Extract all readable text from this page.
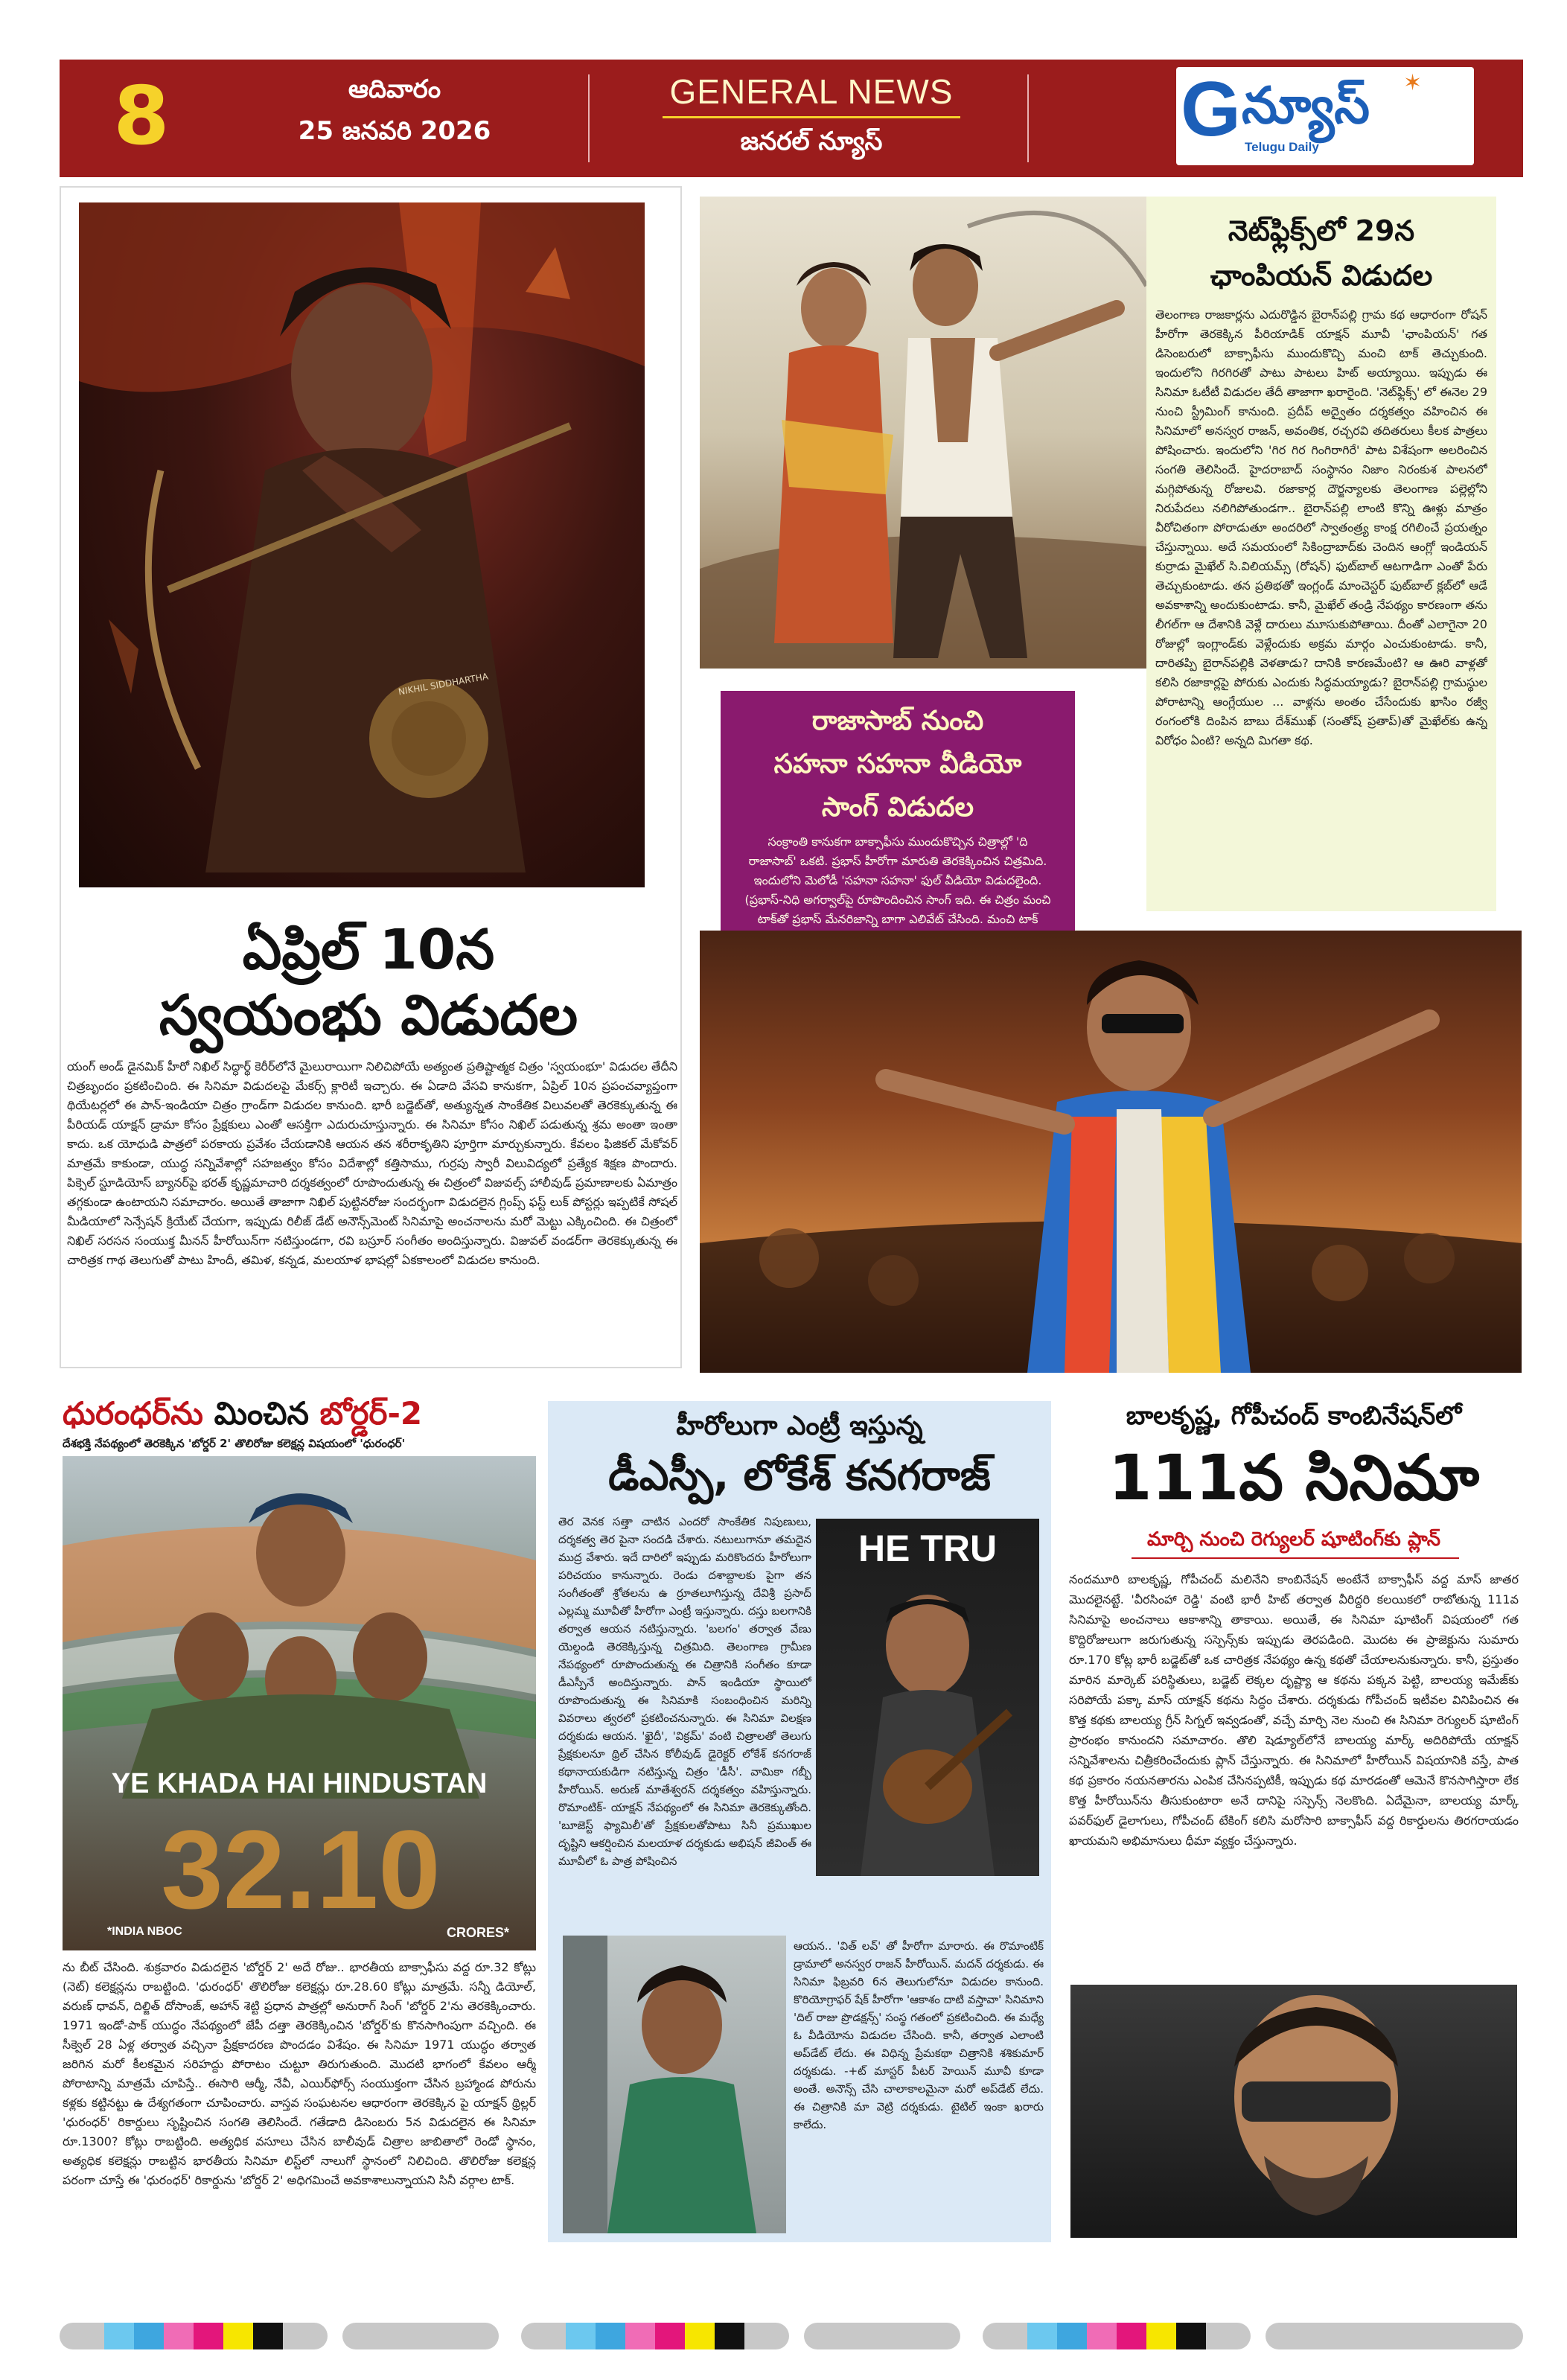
8	ఆదివారం
25 జనవరి 2026
GENERAL NEWS
జనరల్ న్యూస్	G న్యూస్
Telugu Daily
✶
NIKHIL SIDDHARTHA
ఏప్రిల్ 10న
స్వయంభు విడుదల
యంగ్ అండ్ డైనమిక్ హీరో నిఖిల్ సిద్ధార్థ్ కెరీర్‌లోనే మైలురాయిగా నిలిచిపోయే అత్యంత ప్రతిష్టాత్మక చిత్రం 'స్వయంభూ' విడుదల తేదీని చిత్రబృందం ప్రకటించింది. ఈ సినిమా విడుదలపై మేకర్స్ క్లారిటీ ఇచ్చారు. ఈ ఏడాది వేసవి కానుకగా, ఏప్రిల్ 10న ప్రపంచవ్యాప్తంగా థియేటర్లలో ఈ పాన్-ఇండియా చిత్రం గ్రాండ్‌గా విడుదల కానుంది. భారీ బడ్జెట్‌తో, అత్యున్నత సాంకేతిక విలువలతో తెరకెక్కుతున్న ఈ పీరియడ్ యాక్షన్ డ్రామా కోసం ప్రేక్షకులు ఎంతో ఆసక్తిగా ఎదురుచూస్తున్నారు. ఈ సినిమా కోసం నిఖిల్ పడుతున్న శ్రమ అంతా ఇంతా కాదు. ఒక యోధుడి పాత్రలో పరకాయ ప్రవేశం చేయడానికి ఆయన తన శరీరాకృతిని పూర్తిగా మార్చుకున్నారు. కేవలం ఫిజికల్ మేకోవర్ మాత్రమే కాకుండా, యుద్ధ సన్నివేశాల్లో సహజత్వం కోసం విదేశాల్లో కత్తిసాము, గుర్రపు స్వారీ విలువిద్యలో ప్రత్యేక శిక్షణ పొందారు. పిక్సెల్ స్టూడియోస్ బ్యానర్‌పై భరత్ కృష్ణమాచారి దర్శకత్వంలో రూపొందుతున్న ఈ చిత్రంలో విజువల్స్ హాలీవుడ్ ప్రమాణాలకు ఏమాత్రం తగ్గకుండా ఉంటాయని సమాచారం. అయితే తాజాగా నిఖిల్ పుట్టినరోజు సందర్భంగా విడుదలైన గ్లింప్స్ ఫస్ట్ లుక్ పోస్టర్లు ఇప్పటికే సోషల్ మీడియాలో సెన్సేషన్ క్రియేట్ చేయగా, ఇప్పుడు రిలీజ్ డేట్ అనౌన్స్‌మెంట్ సినిమాపై అంచనాలను మరో మెట్టు ఎక్కించింది. ఈ చిత్రంలో నిఖిల్ సరసన సంయుక్త మీనన్ హీరోయిన్‌గా నటిస్తుండగా, రవి బస్రూర్ సంగీతం అందిస్తున్నారు. విజువల్ వండర్‌గా తెరకెక్కుతున్న ఈ చారిత్రక గాథ తెలుగుతో పాటు హిందీ, తమిళ, కన్నడ, మలయాళ భాషల్లో ఏకకాలంలో విడుదల కానుంది.
నెట్‌ఫ్లిక్స్‌లో 29న
ఛాంపియన్ విడుదల
తెలంగాణ రాజకార్లను ఎదురొడ్డిన బైరాన్‌పల్లి గ్రామ కథ ఆధారంగా రోషన్ హీరోగా తెరకెక్కిన పీరియాడిక్ యాక్షన్ మూవీ 'ఛాంపియన్' గత డిసెంబరులో బాక్సాఫీసు ముందుకొచ్చి మంచి టాక్ తెచ్చుకుంది. ఇందులోని గిరగిరతో పాటు పాటలు హిట్ అయ్యాయి. ఇప్పుడు ఈ సినిమా ఓటీటీ విడుదల తేదీ తాజాగా ఖరారైంది. 'నెట్‌ఫ్లిక్స్' లో ఈనెల 29 నుంచి స్ట్రీమింగ్ కానుంది. ప్రదీప్ అద్వైతం దర్శకత్వం వహించిన ఈ సినిమాలో అనస్వర రాజన్, అవంతిక, రచ్చరవి తదితరులు కీలక పాత్రలు పోషించారు. ఇందులోని 'గిర గిర గింగిరాగిరే' పాట విశేషంగా అలరించిన సంగతి తెలిసిందే. హైదరాబాద్ సంస్థానం నిజాం నిరంకుశ పాలనలో మగ్గిపోతున్న రోజులవి. రజాకార్ల దౌర్జన్యాలకు తెలంగాణ పల్లెల్లోని నిరుపేదలు నలిగిపోతుండగా.. బైరాన్‌పల్లి లాంటి కొన్ని ఊళ్లు మాత్రం వీరోచితంగా పోరాడుతూ అందరిలో స్వాతంత్ర్య కాంక్ష రగిలించే ప్రయత్నం చేస్తున్నాయి. అదే సమయంలో సికింద్రాబాద్‌కు చెందిన ఆంగ్లో ఇండియన్ కుర్రాడు మైఖేల్ సి.విలియమ్స్ (రోషన్) ఫుట్‌బాల్ ఆటగాడిగా ఎంతో పేరు తెచ్చుకుంటాడు. తన ప్రతిభతో ఇంగ్లండ్ మాంచెస్టర్ ఫుట్‌బాల్ క్లబ్‌లో ఆడే అవకాశాన్ని అందుకుంటాడు. కానీ, మైఖేల్ తండ్రి నేపథ్యం కారణంగా తను లీగల్‌గా ఆ దేశానికి వెళ్లే దారులు మూసుకుపోతాయి. దీంతో ఎలాగైనా 20 రోజుల్లో ఇంగ్లాండ్‌కు వెళ్లేందుకు అక్రమ మార్గం ఎంచుకుంటాడు. కానీ, దారితప్పి బైరాన్‌పల్లికి వెళతాడు? దానికి కారణమేంటి? ఆ ఊరి వాళ్లతో కలిసి రజాకార్లపై పోరుకు ఎందుకు సిద్ధమయ్యాడు? బైరాన్‌పల్లి గ్రామస్థుల పోరాటాన్ని ఆంగ్లేయుల ... వాళ్లను అంతం చేసేందుకు ఖాసిం రజ్వీ రంగంలోకి దింపిన బాబు దేశ్‌ముఖ్ (సంతోష్ ప్రతాప్)తో మైఖేల్‌కు ఉన్న విరోధం ఏంటి? అన్నది మిగతా కథ.
రాజాసాబ్ నుంచి
సహనా సహనా వీడియో
సాంగ్ విడుదల
సంక్రాంతి కానుకగా బాక్సాఫీసు ముందుకొచ్చిన చిత్రాల్లో 'ది రాజాసాబ్' ఒకటి. ప్రభాస్ హీరోగా మారుతి తెరకెక్కించిన చిత్రమిది. ఇందులోని మెలోడీ 'సహనా సహనా' ఫుల్ వీడియో విడుదలైంది. (ప్రభాస్-నిధి అగర్వాల్‌పై రూపొందించిన సాంగ్ ఇది. ఈ చిత్రం మంచి టాక్‌తో ప్రభాస్ మేనరిజాన్ని బాగా ఎలివేట్ చేసింది. మంచి టాక్
ధురంధర్‌ను మించిన బోర్డర్-2
దేశభక్తి నేపథ్యంలో తెరకెక్కిన 'బోర్డర్ 2' తొలిరోజు కలెక్షన్ల విషయంలో 'ధురంధర్'
YE KHADA HAI HINDUSTAN
32.10
*INDIA NBOC	CRORES*
ను బీట్ చేసింది. శుక్రవారం విడుదలైన 'బోర్డర్ 2' అదే రోజు.. భారతీయ బాక్సాఫీసు వద్ద రూ.32 కోట్లు (నెట్) కలెక్షన్లను రాబట్టింది. 'ధురంధర్' తొలిరోజు కలెక్షన్లు రూ.28.60 కోట్లు మాత్రమే. సన్నీ డియోల్, వరుణ్ ధావన్, దిల్జిత్ దోసాంజ్, అహాన్ శెట్టి ప్రధాన పాత్రల్లో అనురాగ్ సింగ్ 'బోర్డర్ 2'ను తెరకెక్కించారు. 1971 ఇండో-పాక్ యుద్ధం నేపథ్యంలో జేపీ దత్తా తెరకెక్కించిన 'బోర్డర్'కు కొనసాగింపుగా వచ్చింది. ఈ సీక్వెల్ 28 ఏళ్ల తర్వాత వచ్చినా ప్రేక్షకాదరణ పొందడం విశేషం. ఈ సినిమా 1971 యుద్ధం తర్వాత జరిగిన మరో కీలకమైన సరిహద్దు పోరాటం చుట్టూ తిరుగుతుంది. మొదటి భాగంలో కేవలం ఆర్మీ పోరాటాన్ని మాత్రమే చూపిస్తే.. ఈసారి ఆర్మీ, నేవీ, ఎయిర్‌ఫోర్స్ సంయుక్తంగా చేసిన బ్రహ్మాండ పోరును కళ్లకు కట్టినట్టు ఉ దేశ్యగతంగా చూపించారు. వాస్తవ సంఘటనల ఆధారంగా తెరకెక్కిన పై యాక్షన్ థ్రిల్లర్ 'ధురంధర్' రికార్డులు సృష్టించిన సంగతి తెలిసిందే. గతేడాది డిసెంబరు 5న విడుదలైన ఈ సినిమా రూ.1300? కోట్లు రాబట్టింది. అత్యధిక వసూలు చేసిన బాలీవుడ్ చిత్రాల జాబితాలో రెండో స్థానం, అత్యధిక కలెక్షన్లు రాబట్టిన భారతీయ సినిమా లిస్ట్‌లో నాలుగో స్థానంలో నిలిచింది. తొలిరోజు కలెక్షన్ల పరంగా చూస్తే ఈ 'ధురంధర్' రికార్డును 'బోర్డర్ 2' అధిగమించే అవకాశాలున్నాయని సినీ వర్గాల టాక్.
హీరోలుగా ఎంట్రీ ఇస్తున్న
డీఎస్పీ, లోకేశ్ కనగరాజ్
HE TRU
తెర వెనక సత్తా చాటిన ఎందరో సాంకేతిక నిపుణులు, దర్శకత్వ తెర పైనా సందడి చేశారు. నటులుగానూ తమదైన ముద్ర వేశారు. ఇదే దారిలో ఇప్పుడు మరికొందరు హీరోలుగా పరిచయం కానున్నారు. రెండు దశాబ్దాలకు పైగా తన సంగీతంతో శ్రోతలను ఉ ర్రూతలూగిస్తున్న దేవిశ్రీ ప్రసాద్ ఎల్లమ్మ మూవీతో హీరోగా ఎంట్రీ ఇస్తున్నారు. దస్తు బలగానికి తర్వాత ఆయన నటిస్తున్నారు. 'బలగం' తర్వాత వేణు యెల్దండి తెరకెక్కిస్తున్న చిత్రమిది. తెలంగాణ గ్రామీణ నేపథ్యంలో రూపొందుతున్న ఈ చిత్రానికి సంగీతం కూడా డీఎస్పీనే అందిస్తున్నారు. పాన్ ఇండియా స్థాయిలో రూపొందుతున్న ఈ సినిమాకి సంబంధించిన మరిన్ని వివరాలు త్వరలో ప్రకటించనున్నారు. ఈ సినిమా విలక్షణ దర్శకుడు ఆయన. 'ఖైదీ', 'విక్రమ్' వంటి చిత్రాలతో తెలుగు ప్రేక్షకులనూ థ్రిల్ చేసిన కోలీవుడ్ డైరెక్టర్ లోకేశ్ కనగరాజ్ కథానాయకుడిగా నటిస్తున్న చిత్రం 'డీసీ'. వామికా గబ్బీ హీరోయిన్. అరుణ్ మాతేశ్వరన్ దర్శకత్వం వహిస్తున్నారు. రొమాంటిక్- యాక్షన్ నేపథ్యంలో ఈ సినిమా తెరకెక్కుతోంది. 'బూజెస్ట్ ఫ్యామిలీ'తో ప్రేక్షకులతోపాటు సినీ ప్రముఖుల దృష్టిని ఆకర్షించిన మలయాళ దర్శకుడు అభిషన్ జీవింత్ ఈ మూవీలో ఓ పాత్ర పోషించిన
ఆయన.. 'విత్ లవ్' తో హీరోగా మారారు. ఈ రొమాంటిక్ డ్రామాలో అనస్వర రాజన్ హీరోయిన్. మదన్ దర్శకుడు. ఈ సినిమా ఫిబ్రవరి 6న తెలుగులోనూ విడుదల కానుంది. కొరియోగ్రాఫర్ షేక్ హీరోగా 'ఆకాశం దాటి వస్తావా' సినిమాని 'దిల్ రాజు ప్రొడక్షన్స్' సంస్థ గతంలో ప్రకటించింది. ఈ మధ్యే ఓ వీడియోను విడుదల చేసింది. కానీ, తర్వాత ఎలాంటి అప్‌డేట్ లేదు. ఈ విధిన్న ప్రేమకథా చిత్రానికి శశికుమార్ దర్శకుడు. -+ట్ మాస్టర్ పీటర్ హెయిన్ మూవీ కూడా అంతే. అనౌన్స్ చేసి చాలాకాలమైనా మరో అప్‌డేట్ లేదు. ఈ చిత్రానికి మా వెట్రి దర్శకుడు. టైటిల్ ఇంకా ఖరారు కాలేదు.
బాలకృష్ణ, గోపీచంద్ కాంబినేషన్‌లో
111వ సినిమా
మార్చి నుంచి రెగ్యులర్ షూటింగ్‌కు ప్లాన్
నందమూరి బాలకృష్ణ, గోపీచంద్ మలినేని కాంబినేషన్ అంటేనే బాక్సాఫీస్ వద్ద మాస్ జాతర మొదలైనట్టే. 'వీరసింహా రెడ్డి' వంటి భారీ హిట్ తర్వాత వీరిద్దరి కలయికలో రాబోతున్న 111వ సినిమాపై అంచనాలు ఆకాశాన్ని తాకాయి. అయితే, ఈ సినిమా షూటింగ్ విషయంలో గత కొద్దిరోజులుగా జరుగుతున్న సస్పెన్స్‌కు ఇప్పుడు తెరపడింది. మొదట ఈ ప్రాజెక్టును సుమారు రూ.170 కోట్ల భారీ బడ్జెట్‌తో ఒక చారిత్రక నేపథ్యం ఉన్న కథతో చేయాలనుకున్నారు. కానీ, ప్రస్తుతం మారిన మార్కెట్ పరిస్థితులు, బడ్జెట్ లెక్కల దృష్ట్యా ఆ కథను పక్కన పెట్టి, బాలయ్య ఇమేజ్‌కు సరిపోయే పక్కా మాస్ యాక్షన్ కథను సిద్ధం చేశారు. దర్శకుడు గోపీచంద్ ఇటీవల వినిపించిన ఈ కొత్త కథకు బాలయ్య గ్రీన్ సిగ్నల్ ఇవ్వడంతో, వచ్చే మార్చి నెల నుంచి ఈ సినిమా రెగ్యులర్ షూటింగ్ ప్రారంభం కానుందని సమాచారం. తొలి షెడ్యూల్‌లోనే బాలయ్య మార్క్ అదిరిపోయే యాక్షన్ సన్నివేశాలను చిత్రీకరించేందుకు ప్లాన్ చేస్తున్నారు. ఈ సినిమాలో హీరోయిన్ విషయానికి వస్తే, పాత కథ ప్రకారం నయనతారను ఎంపిక చేసినప్పటికీ, ఇప్పుడు కథ మారడంతో ఆమెనే కొనసాగిస్తారా లేక కొత్త హీరోయిన్‌ను తీసుకుంటారా అనే దానిపై సస్పెన్స్ నెలకొంది. ఏదేమైనా, బాలయ్య మార్క్ పవర్‌ఫుల్ డైలాగులు, గోపీచంద్ టేకింగ్ కలిసి మరోసారి బాక్సాఫీస్ వద్ద రికార్డులను తిరగరాయడం ఖాయమని అభిమానులు ధీమా వ్యక్తం చేస్తున్నారు.
